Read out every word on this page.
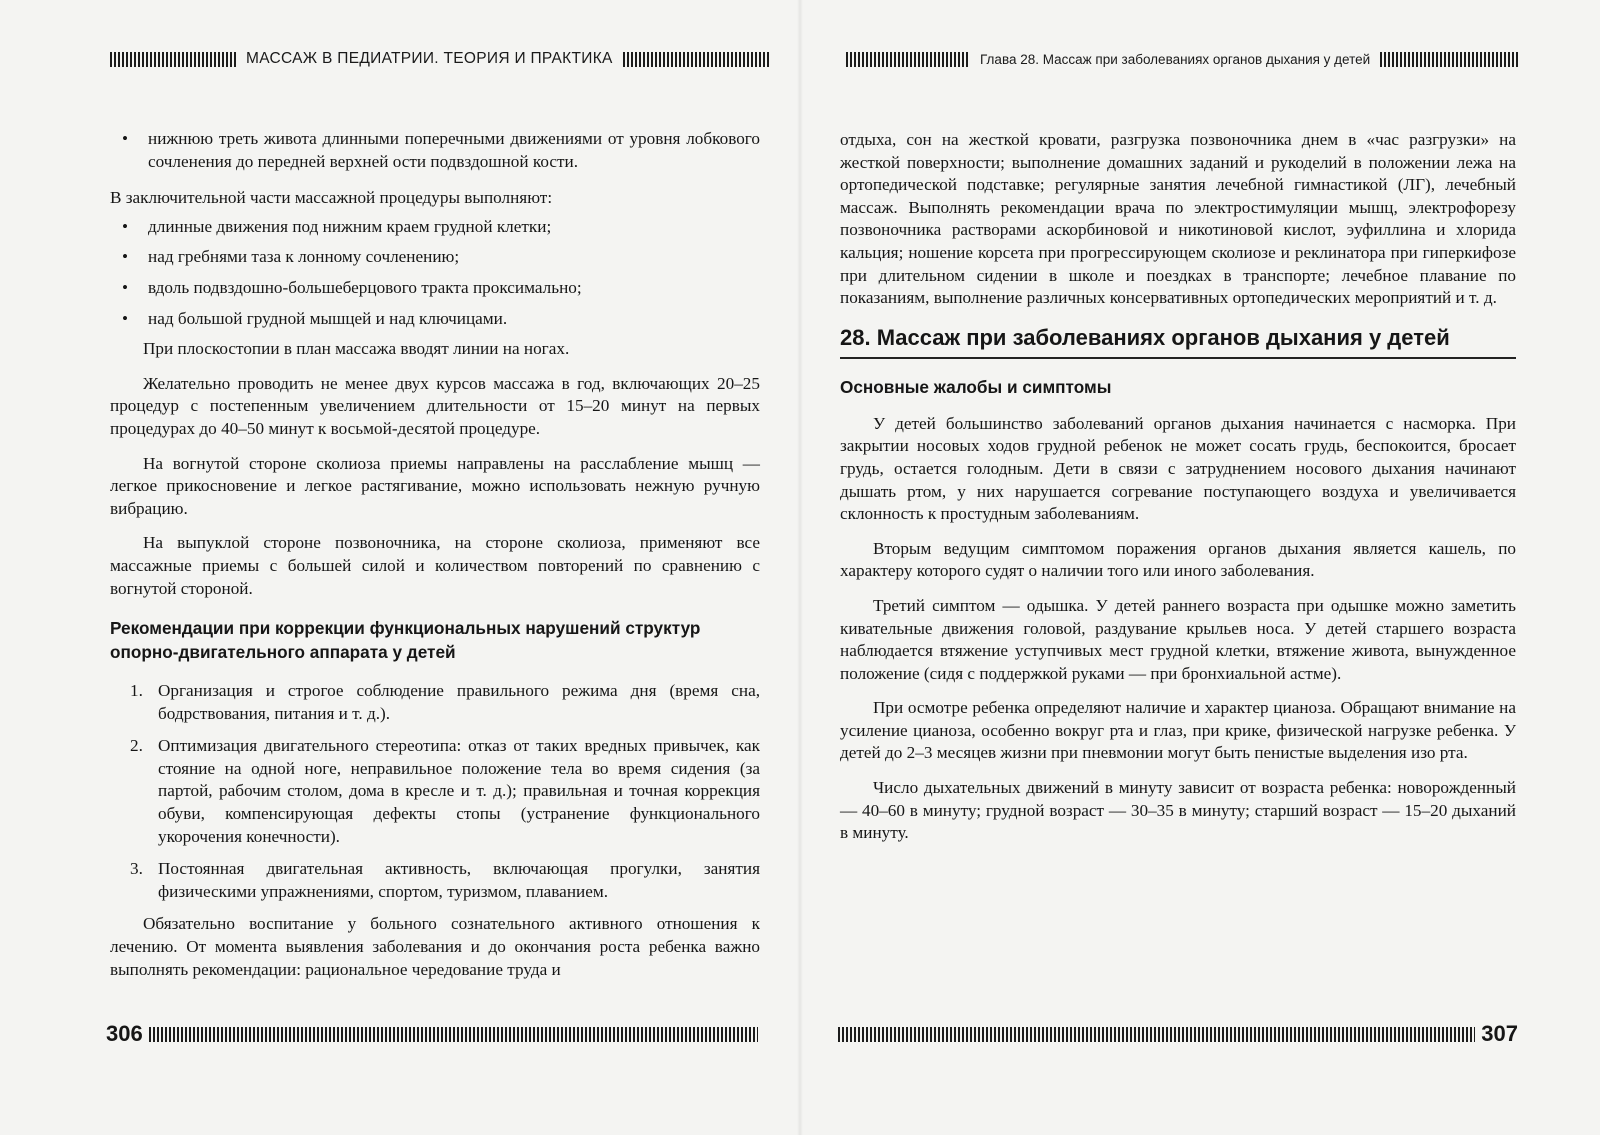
МАССАЖ В ПЕДИАТРИИ. ТЕОРИЯ И ПРАКТИКА
• нижнюю треть живота длинными поперечными движениями от уровня лобкового сочленения до передней верхней ости подвздошной кости.

В заключительной части массажной процедуры выполняют:

• длинные движения под нижним краем грудной клетки;
• над гребнями таза к лонному сочленению;
• вдоль подвздошно-большеберцового тракта проксимально;
• над большой грудной мышцей и над ключицами.

При плоскостопии в план массажа вводят линии на ногах.

Желательно проводить не менее двух курсов массажа в год, включающих 20–25 процедур с постепенным увеличением длительности от 15–20 минут на первых процедурах до 40–50 минут к восьмой-десятой процедуре.

На вогнутой стороне сколиоза приемы направлены на расслабление мышц — легкое прикосновение и легкое растягивание, можно использовать нежную ручную вибрацию.

На выпуклой стороне позвоночника, на стороне сколиоза, применяют все массажные приемы с большей силой и количеством повторений по сравнению с вогнутой стороной.

Рекомендации при коррекции функциональных нарушений структур опорно-двигательного аппарата у детей
1. Организация и строгое соблюдение правильного режима дня (время сна, бодрствования, питания и т. д.).
2. Оптимизация двигательного стереотипа: отказ от таких вредных привычек, как стояние на одной ноге, неправильное положение тела во время сидения (за партой, рабочим столом, дома в кресле и т. д.); правильная и точная коррекция обуви, компенсирующая дефекты стопы (устранение функционального укорочения конечности).
3. Постоянная двигательная активность, включающая прогулки, занятия физическими упражнениями, спортом, туризмом, плаванием.

Обязательно воспитание у больного сознательного активного отношения к лечению. От момента выявления заболевания и до окончания роста ребенка важно выполнять рекомендации: рациональное чередование труда и

306
Глава 28. Массаж при заболеваниях органов дыхания у детей

отдыха, сон на жесткой кровати, разгрузка позвоночника днем в «час разгрузки» на жесткой поверхности; выполнение домашних заданий и рукоделий в положении лежа на ортопедической подставке; регулярные занятия лечебной гимнастикой (ЛГ), лечебный массаж. Выполнять рекомендации врача по электростимуляции мышц, электрофорезу позвоночника растворами аскорбиновой и никотиновой кислот, эуфиллина и хлорида кальция; ношение корсета при прогрессирующем сколиозе и реклинатора при гиперкифозе при длительном сидении в школе и поездках в транспорте; лечебное плавание по показаниям, выполнение различных консервативных ортопедических мероприятий и т. д.

28. Массаж при заболеваниях органов дыхания у детей
Основные жалобы и симптомы

У детей большинство заболеваний органов дыхания начинается с насморка. При закрытии носовых ходов грудной ребенок не может сосать грудь, беспокоится, бросает грудь, остается голодным. Дети в связи с затруднением носового дыхания начинают дышать ртом, у них нарушается согревание поступающего воздуха и увеличивается склонность к простудным заболеваниям.

Вторым ведущим симптомом поражения органов дыхания является кашель, по характеру которого судят о наличии того или иного заболевания.

Третий симптом — одышка. У детей раннего возраста при одышке можно заметить кивательные движения головой, раздувание крыльев носа. У детей старшего возраста наблюдается втяжение уступчивых мест грудной клетки, втяжение живота, вынужденное положение (сидя с поддержкой руками — при бронхиальной астме).

При осмотре ребенка определяют наличие и характер цианоза. Обращают внимание на усиление цианоза, особенно вокруг рта и глаз, при крике, физической нагрузке ребенка. У детей до 2–3 месяцев жизни при пневмонии могут быть пенистые выделения изо рта.

Число дыхательных движений в минуту зависит от возраста ребенка: новорожденный — 40–60 в минуту; грудной возраст — 30–35 в минуту; старший возраст — 15–20 дыханий в минуту.

307
